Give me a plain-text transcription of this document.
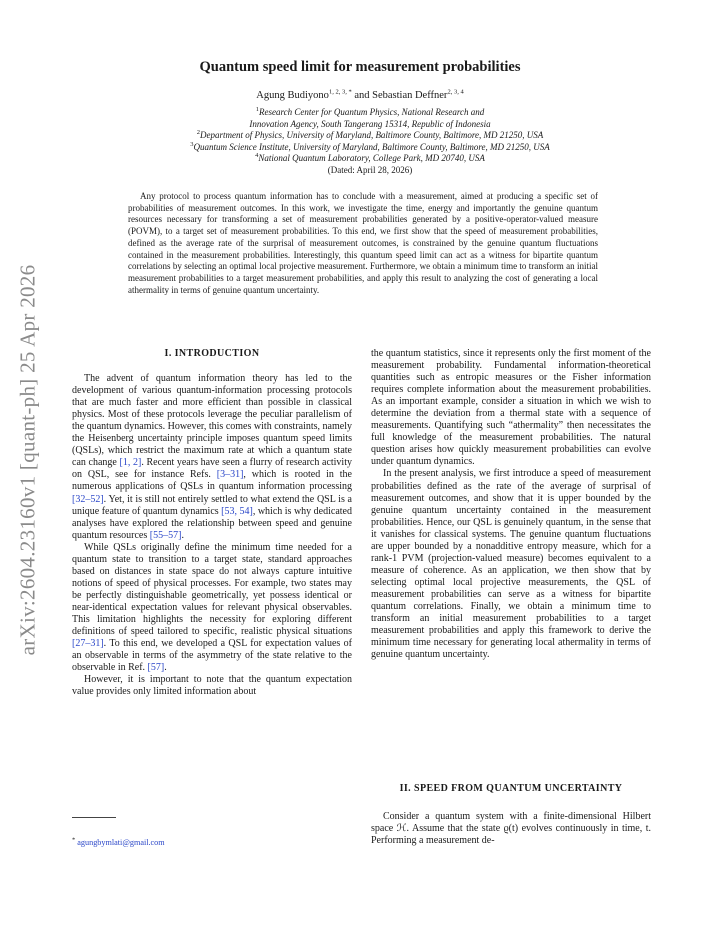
arXiv:2604.23160v1 [quant-ph] 25 Apr 2026
Quantum speed limit for measurement probabilities
Agung Budiyono$^{1, 2, 3, *}$ and Sebastian Deffner$^{2, 3, 4}$
$^1$Research Center for Quantum Physics, National Research and
Innovation Agency, South Tangerang 15314, Republic of Indonesia
$^2$Department of Physics, University of Maryland, Baltimore County, Baltimore, MD 21250, USA
$^3$Quantum Science Institute, University of Maryland, Baltimore County, Baltimore, MD 21250, USA
$^4$National Quantum Laboratory, College Park, MD 20740, USA
(Dated: April 28, 2026)

Any protocol to process quantum information has to conclude with a measurement, aimed at producing a specific set of probabilities of measurement outcomes. In this work, we investigate the time, energy and importantly the genuine quantum resources necessary for transforming a set of measurement probabilities generated by a positive-operator-valued measure (POVM), to a target set of measurement probabilities. To this end, we first show that the speed of measurement probabilities, defined as the average rate of the surprisal of measurement outcomes, is constrained by the genuine quantum fluctuations contained in the measurement probabilities. Interestingly, this quantum speed limit can act as a witness for bipartite quantum correlations by selecting an optimal local projective measurement. Furthermore, we obtain a minimum time to transform an initial measurement probabilities to a target measurement probabilities, and apply this result to analyzing the cost of generating a local athermality in terms of genuine quantum uncertainty.

I. INTRODUCTION

The advent of quantum information theory has led to the development of various quantum-information processing protocols that are much faster and more efficient than possible in classical physics. Most of these protocols leverage the peculiar parallelism of the quantum dynamics. However, this comes with constraints, namely the Heisenberg uncertainty principle imposes quantum speed limits (QSLs), which restrict the maximum rate at which a quantum state can change [1, 2]. Recent years have seen a flurry of research activity on QSL, see for instance Refs. [3–31], which is rooted in the numerous applications of QSLs in quantum information processing [32–52]. Yet, it is still not entirely settled to what extend the QSL is a unique feature of quantum dynamics [53, 54], which is why dedicated analyses have explored the relationship between speed and genuine quantum resources [55–57].

While QSLs originally define the minimum time needed for a quantum state to transition to a target state, standard approaches based on distances in state space do not always capture intuitive notions of speed of physical processes. For example, two states may be perfectly distinguishable geometrically, yet possess identical or near-identical expectation values for relevant physical observables. This limitation highlights the necessity for exploring different definitions of speed tailored to specific, realistic physical situations [27–31]. To this end, we developed a QSL for expectation values of an observable in terms of the asymmetry of the state relative to the observable in Ref. [57].

However, it is important to note that the quantum expectation value provides only limited information about

the quantum statistics, since it represents only the first moment of the measurement probability. Fundamental information-theoretical quantities such as entropic measures or the Fisher information requires complete information about the measurement probabilities. As an important example, consider a situation in which we wish to determine the deviation from a thermal state with a sequence of measurements. Quantifying such “athermality” then necessitates the full knowledge of the measurement probabilities. The natural question arises how quickly measurement probabilities can evolve under quantum dynamics.

In the present analysis, we first introduce a speed of measurement probabilities defined as the rate of the average of surprisal of measurement outcomes, and show that it is upper bounded by the genuine quantum uncertainty contained in the measurement probabilities. Hence, our QSL is genuinely quantum, in the sense that it vanishes for classical systems. The genuine quantum fluctuations are upper bounded by a nonadditive entropy measure, which for a rank-1 PVM (projection-valued measure) becomes equivalent to a measure of coherence. As an application, we then show that by selecting optimal local projective measurements, the QSL of measurement probabilities can serve as a witness for bipartite quantum correlations. Finally, we obtain a minimum time to transform an initial measurement probabilities to a target measurement probabilities and apply this framework to derive the minimum time necessary for generating local athermality in terms of genuine quantum uncertainty.

II. SPEED FROM QUANTUM UNCERTAINTY

Consider a quantum system with a finite-dimensional Hilbert space ℋ. Assume that the state ϱ(t) evolves continuously in time, t. Performing a measurement de-

* agungbymlati@gmail.com
